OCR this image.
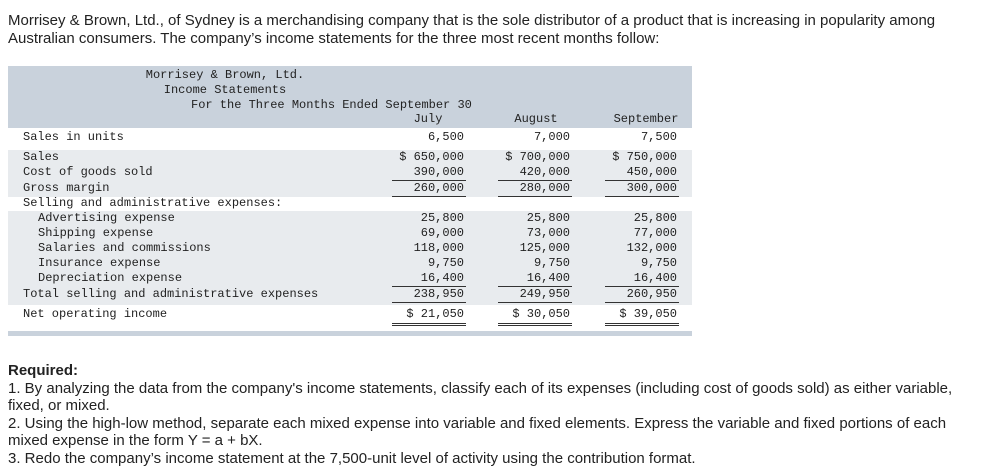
Morrisey & Brown, Ltd., of Sydney is a merchandising company that is the sole distributor of a product that is increasing in popularity among Australian consumers. The company’s income statements for the three most recent months follow:

Morrisey & Brown, Ltd.
Income Statements
For the Three Months Ended September 30
July	August	September
Sales in units	6,500	7,000	7,500
Sales	$ 650,000	$ 700,000	$ 750,000
Cost of goods sold	390,000	420,000	450,000
Gross margin	260,000	280,000	300,000
Selling and administrative expenses:
Advertising expense	25,800	25,800	25,800
Shipping expense	69,000	73,000	77,000
Salaries and commissions	118,000	125,000	132,000
Insurance expense	9,750	9,750	9,750
Depreciation expense	16,400	16,400	16,400
Total selling and administrative expenses	238,950	249,950	260,950
Net operating income	$ 21,050	$ 30,050	$ 39,050
Required:

1. By analyzing the data from the company's income statements, classify each of its expenses (including cost of goods sold) as either variable, fixed, or mixed.

2. Using the high-low method, separate each mixed expense into variable and fixed elements. Express the variable and fixed portions of each mixed expense in the form Y = a + bX.

3. Redo the company’s income statement at the 7,500-unit level of activity using the contribution format.
